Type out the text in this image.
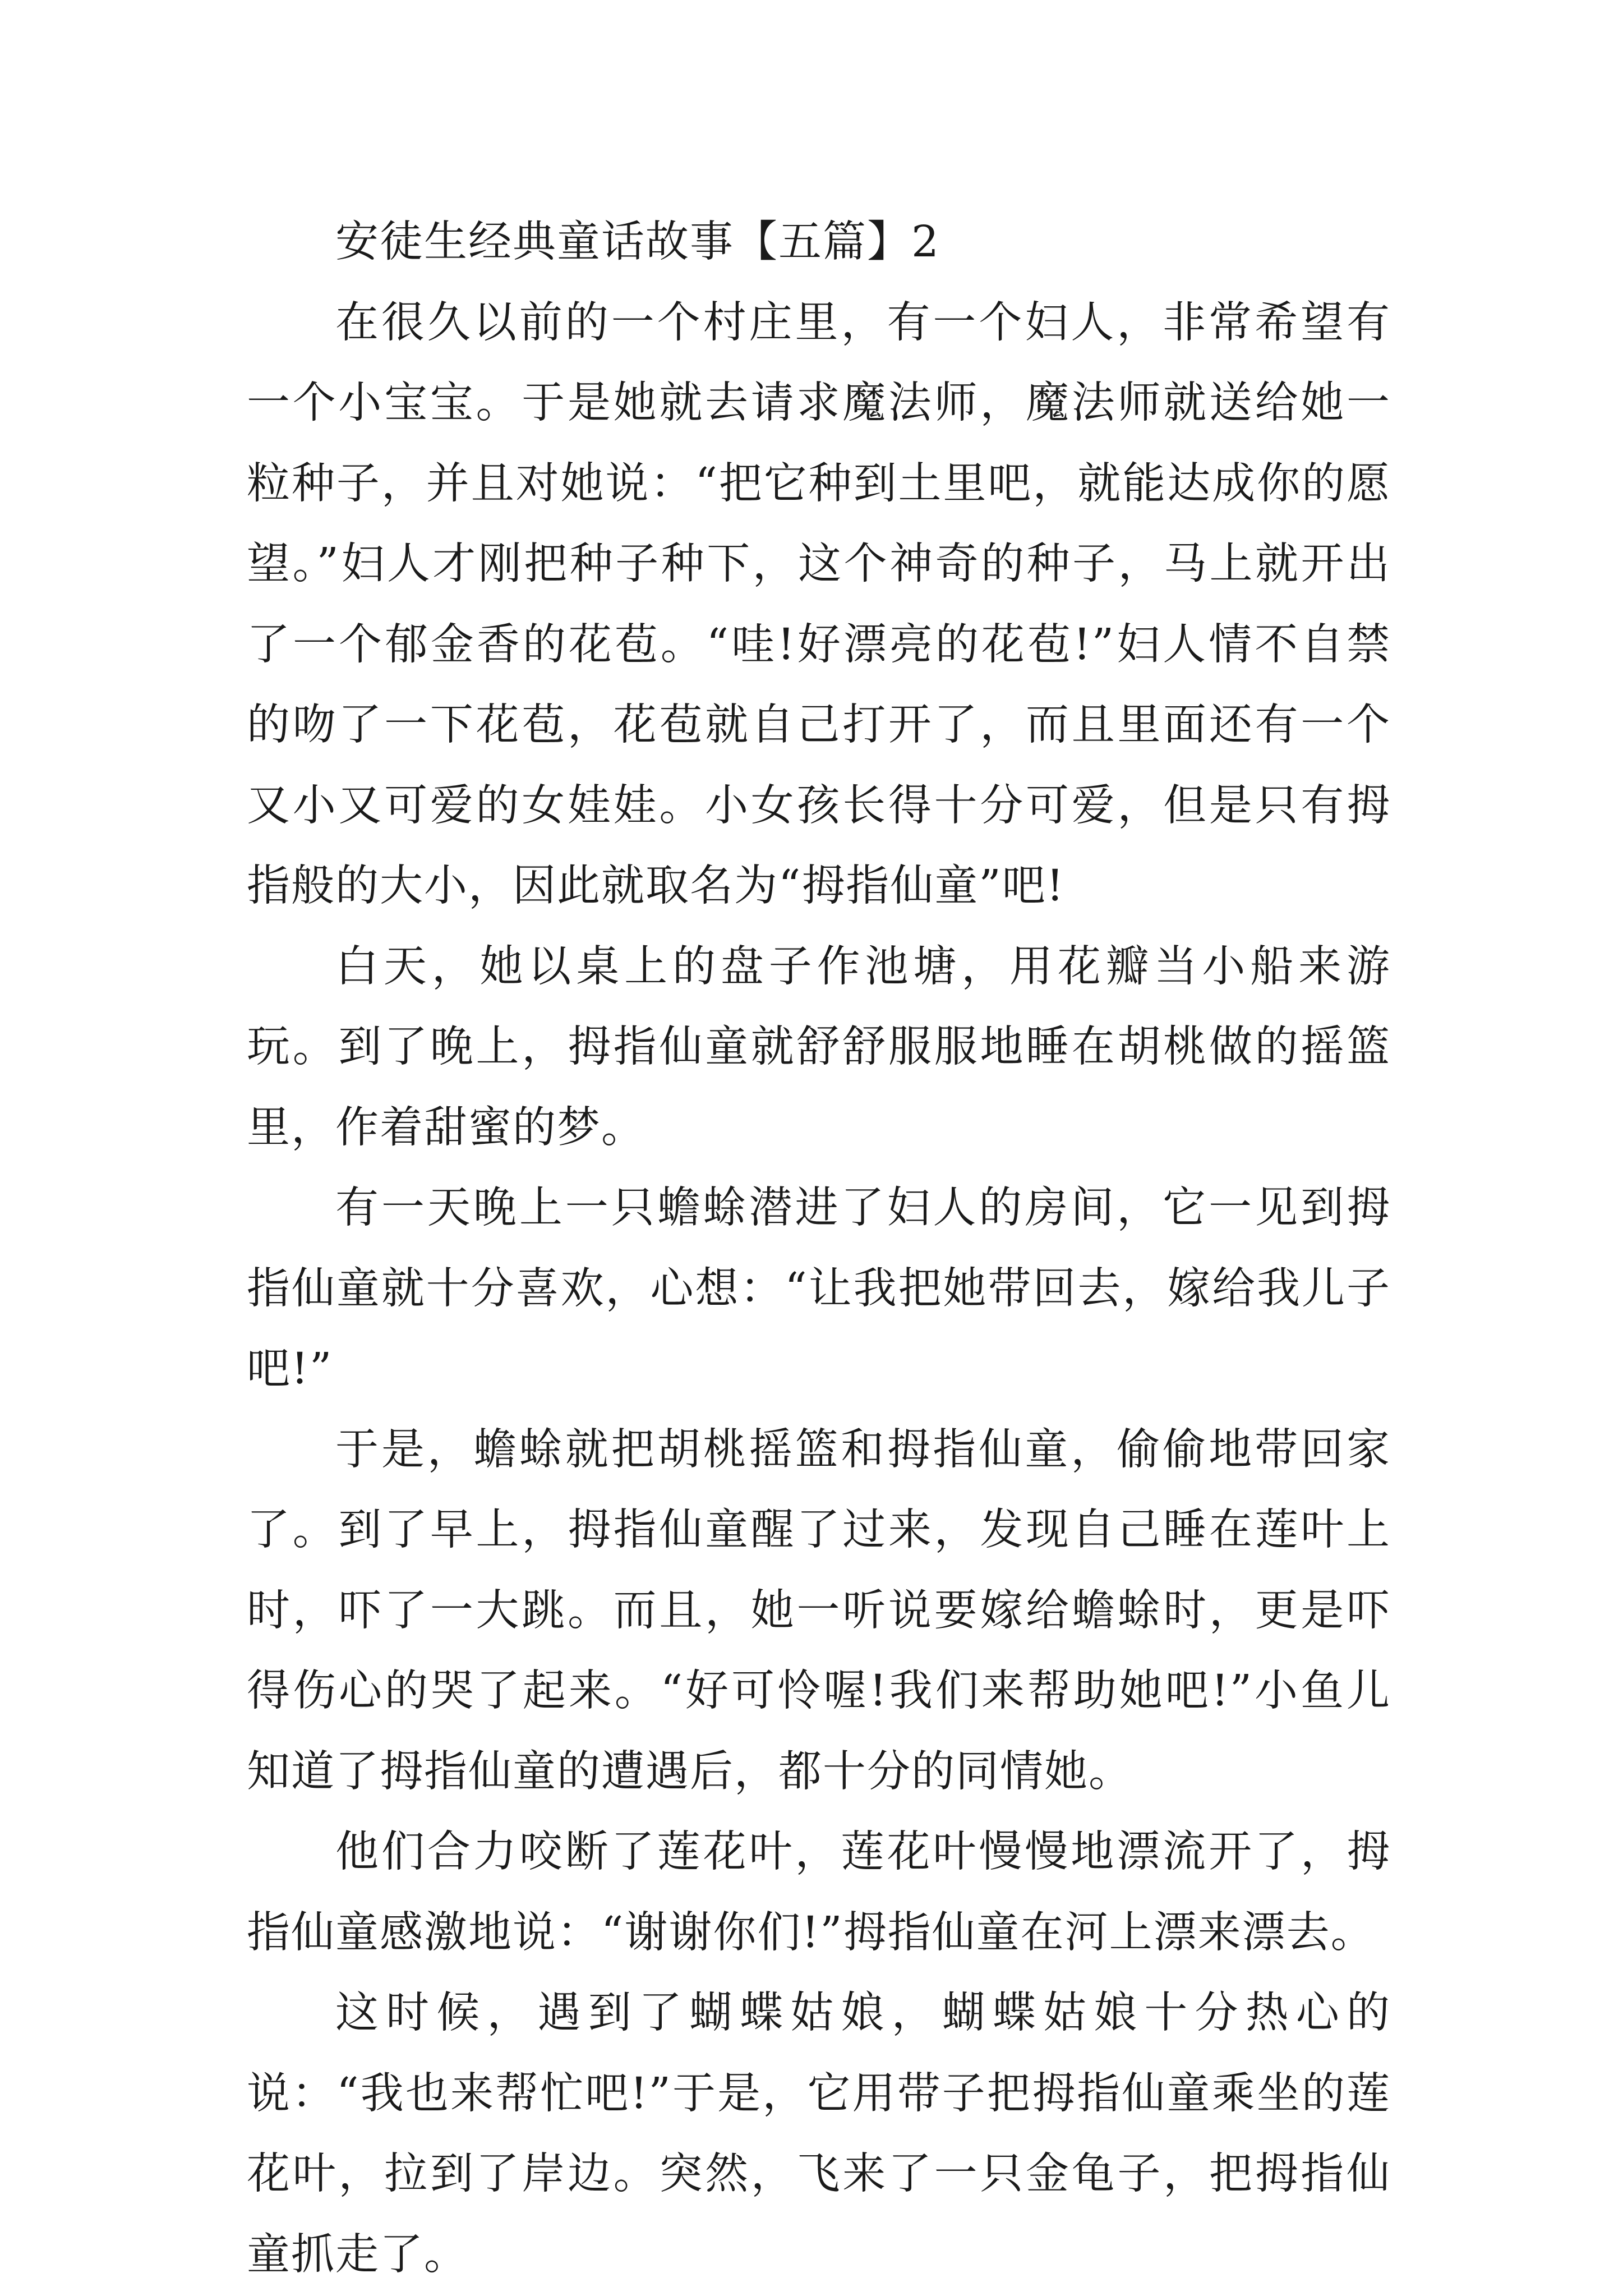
安徒生经典童话故事【五篇】2

在很久以前的一个村庄里，有一个妇人，非常希望有一个小宝宝。于是她就去请求魔法师，魔法师就送给她一粒种子，并且对她说：“把它种到土里吧，就能达成你的愿望。”妇人才刚把种子种下，这个神奇的种子，马上就开出了一个郁金香的花苞。“哇!好漂亮的花苞!”妇人情不自禁的吻了一下花苞，花苞就自己打开了，而且里面还有一个又小又可爱的女娃娃。小女孩长得十分可爱，但是只有拇指般的大小，因此就取名为“拇指仙童”吧!

白天，她以桌上的盘子作池塘，用花瓣当小船来游玩。到了晚上，拇指仙童就舒舒服服地睡在胡桃做的摇篮里，作着甜蜜的梦。

有一天晚上一只蟾蜍潜进了妇人的房间，它一见到拇指仙童就十分喜欢，心想：“让我把她带回去，嫁给我儿子吧!”

于是，蟾蜍就把胡桃摇篮和拇指仙童，偷偷地带回家了。到了早上，拇指仙童醒了过来，发现自己睡在莲叶上时，吓了一大跳。而且，她一听说要嫁给蟾蜍时，更是吓得伤心的哭了起来。“好可怜喔!我们来帮助她吧!”小鱼儿知道了拇指仙童的遭遇后，都十分的同情她。

他们合力咬断了莲花叶，莲花叶慢慢地漂流开了，拇指仙童感激地说：“谢谢你们!”拇指仙童在河上漂来漂去。

这时候，遇到了蝴蝶姑娘，蝴蝶姑娘十分热心的说：“我也来帮忙吧!”于是，它用带子把拇指仙童乘坐的莲花叶，拉到了岸边。突然，飞来了一只金龟子，把拇指仙童抓走了。
